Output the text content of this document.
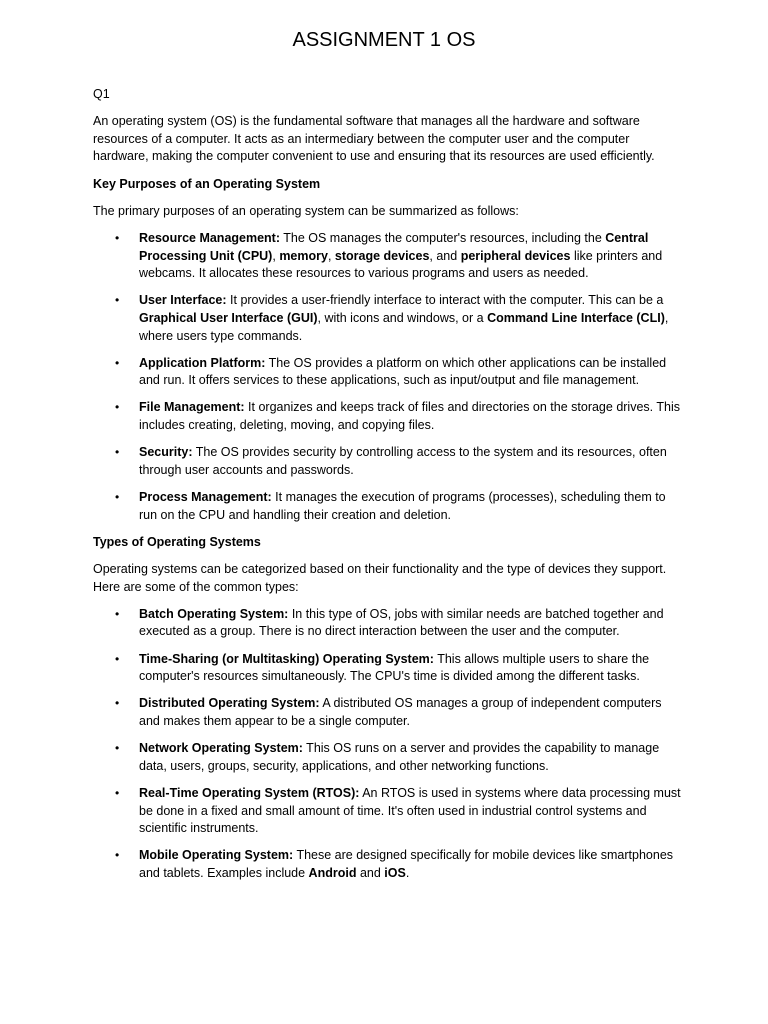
ASSIGNMENT 1 OS

Q1

An operating system (OS) is the fundamental software that manages all the hardware and software resources of a computer. It acts as an intermediary between the computer user and the computer hardware, making the computer convenient to use and ensuring that its resources are used efficiently.

Key Purposes of an Operating System

The primary purposes of an operating system can be summarized as follows:

• Resource Management: The OS manages the computer's resources, including the Central Processing Unit (CPU), memory, storage devices, and peripheral devices like printers and webcams. It allocates these resources to various programs and users as needed.
• User Interface: It provides a user-friendly interface to interact with the computer. This can be a Graphical User Interface (GUI), with icons and windows, or a Command Line Interface (CLI), where users type commands.
• Application Platform: The OS provides a platform on which other applications can be installed and run. It offers services to these applications, such as input/output and file management.
• File Management: It organizes and keeps track of files and directories on the storage drives. This includes creating, deleting, moving, and copying files.
• Security: The OS provides security by controlling access to the system and its resources, often through user accounts and passwords.
• Process Management: It manages the execution of programs (processes), scheduling them to run on the CPU and handling their creation and deletion.

Types of Operating Systems

Operating systems can be categorized based on their functionality and the type of devices they support. Here are some of the common types:

• Batch Operating System: In this type of OS, jobs with similar needs are batched together and executed as a group. There is no direct interaction between the user and the computer.
• Time-Sharing (or Multitasking) Operating System: This allows multiple users to share the computer's resources simultaneously. The CPU's time is divided among the different tasks.
• Distributed Operating System: A distributed OS manages a group of independent computers and makes them appear to be a single computer.
• Network Operating System: This OS runs on a server and provides the capability to manage data, users, groups, security, applications, and other networking functions.
• Real-Time Operating System (RTOS): An RTOS is used in systems where data processing must be done in a fixed and small amount of time. It's often used in industrial control systems and scientific instruments.
• Mobile Operating System: These are designed specifically for mobile devices like smartphones and tablets. Examples include Android and iOS.
